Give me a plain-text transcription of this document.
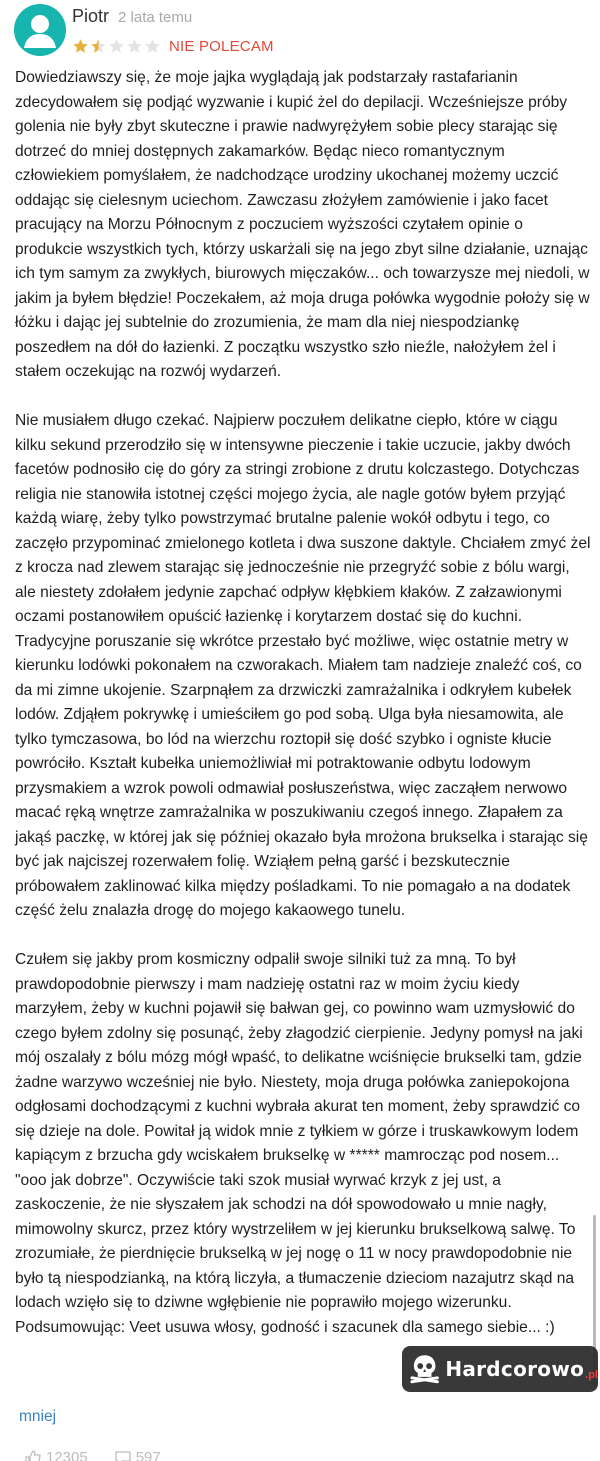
Piotr 2 lata temu
NIE POLECAM

Dowiedziawszy się, że moje jajka wyglądają jak podstarzały rastafarianin zdecydowałem się podjąć wyzwanie i kupić żel do depilacji. Wcześniejsze próby golenia nie były zbyt skuteczne i prawie nadwyrężyłem sobie plecy starając się dotrzeć do mniej dostępnych zakamarków. Będąc nieco romantycznym człowiekiem pomyślałem, że nadchodzące urodziny ukochanej możemy uczcić oddając się cielesnym uciechom. Zawczasu złożyłem zamówienie i jako facet pracujący na Morzu Północnym z poczuciem wyższości czytałem opinie o produkcie wszystkich tych, którzy uskarżali się na jego zbyt silne działanie, uznając ich tym samym za zwykłych, biurowych mięczaków... och towarzysze mej niedoli, w jakim ja byłem błędzie! Poczekałem, aż moja druga połówka wygodnie położy się w łóżku i dając jej subtelnie do zrozumienia, że mam dla niej niespodziankę poszedłem na dół do łazienki. Z początku wszystko szło nieźle, nałożyłem żel i stałem oczekując na rozwój wydarzeń.

Nie musiałem długo czekać. Najpierw poczułem delikatne ciepło, które w ciągu kilku sekund przerodziło się w intensywne pieczenie i takie uczucie, jakby dwóch facetów podnosiło cię do góry za stringi zrobione z drutu kolczastego. Dotychczas religia nie stanowiła istotnej części mojego życia, ale nagle gotów byłem przyjąć każdą wiarę, żeby tylko powstrzymać brutalne palenie wokół odbytu i tego, co zaczęło przypominać zmielonego kotleta i dwa suszone daktyle. Chciałem zmyć żel z krocza nad zlewem starając się jednocześnie nie przegryźć sobie z bólu wargi, ale niestety zdołałem jedynie zapchać odpływ kłębkiem kłaków. Z załzawionymi oczami postanowiłem opuścić łazienkę i korytarzem dostać się do kuchni. Tradycyjne poruszanie się wkrótce przestało być możliwe, więc ostatnie metry w kierunku lodówki pokonałem na czworakach. Miałem tam nadzieje znaleźć coś, co da mi zimne ukojenie. Szarpnąłem za drzwiczki zamrażalnika i odkryłem kubełek lodów. Zdjąłem pokrywkę i umieściłem go pod sobą. Ulga była niesamowita, ale tylko tymczasowa, bo lód na wierzchu roztopił się dość szybko i ogniste kłucie powróciło. Kształt kubełka uniemożliwiał mi potraktowanie odbytu lodowym przysmakiem a wzrok powoli odmawiał posłuszeństwa, więc zacząłem nerwowo macać ręką wnętrze zamrażalnika w poszukiwaniu czegoś innego. Złapałem za jakąś paczkę, w której jak się później okazało była mrożona brukselka i starając się być jak najciszej rozerwałem folię. Wziąłem pełną garść i bezskutecznie próbowałem zaklinować kilka między pośladkami. To nie pomagało a na dodatek część żelu znalazła drogę do mojego kakaowego tunelu.

Czułem się jakby prom kosmiczny odpalił swoje silniki tuż za mną. To był prawdopodobnie pierwszy i mam nadzieję ostatni raz w moim życiu kiedy marzyłem, żeby w kuchni pojawił się bałwan gej, co powinno wam uzmysłowić do czego byłem zdolny się posunąć, żeby złagodzić cierpienie. Jedyny pomysł na jaki mój oszalały z bólu mózg mógł wpaść, to delikatne wciśnięcie brukselki tam, gdzie żadne warzywo wcześniej nie było. Niestety, moja druga połówka zaniepokojona odgłosami dochodzącymi z kuchni wybrała akurat ten moment, żeby sprawdzić co się dzieje na dole. Powitał ją widok mnie z tyłkiem w górze i truskawkowym lodem kapiącym z brzucha gdy wciskałem brukselkę w ***** mamrocząc pod nosem... "ooo jak dobrze". Oczywiście taki szok musiał wyrwać krzyk z jej ust, a zaskoczenie, że nie słyszałem jak schodzi na dół spowodowało u mnie nagły, mimowolny skurcz, przez który wystrzeliłem w jej kierunku brukselkową salwę. To zrozumiałe, że pierdnięcie brukselką w jej nogę o 11 w nocy prawdopodobnie nie było tą niespodzianką, na którą liczyła, a tłumaczenie dzieciom nazajutrz skąd na lodach wzięło się to dziwne wgłębienie nie poprawiło mojego wizerunku.

Podsumowując: Veet usuwa włosy, godność i szacunek dla samego siebie... :)

mniej
Hardcorowo .pl
12305	597
